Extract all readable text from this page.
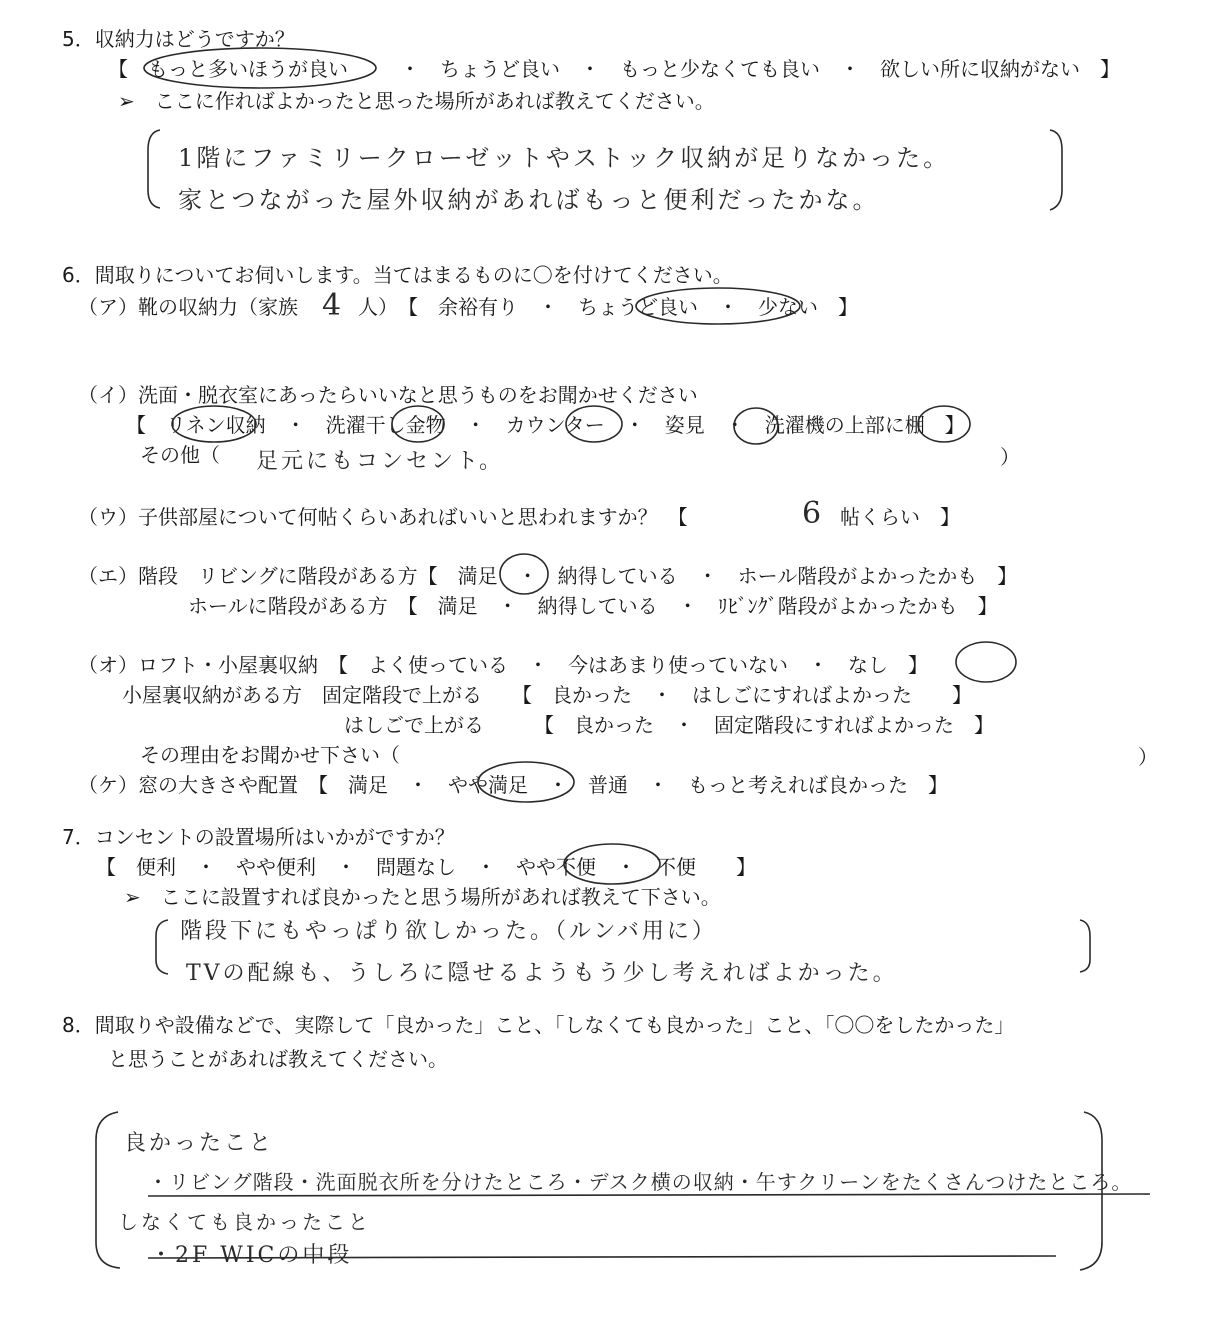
5．収納力はどうですか？
【　もっと多いほうが良い	・　ちょうど良い　・　もっと少なくても良い　・　欲しい所に収納がない　】
➢　ここに作ればよかったと思った場所があれば教えてください。
1階にファミリークローゼットやストック収納が足りなかった。
家とつながった屋外収納があればもっと便利だったかな。
6．間取りについてお伺いします。当てはまるものに〇を付けてください。
（ア）靴の収納力（家族 4 人）　【　余裕有り　・　ちょうど良い　・　少ない　】
（イ）洗面・脱衣室にあったらいいなと思うものをお聞かせください
【　リネン収納　・　洗濯干し金物　・　カウンター　・　姿見　・　洗濯機の上部に棚　】
その他（ 足元にもコンセント。	）
（ウ）子供部屋について何帖くらいあればいいと思われますか？　【	6 帖くらい　】
（エ）階段　リビングに階段がある方【　満足　・　納得している　・　ホール階段がよかったかも　】
ホールに階段がある方　【　満足　・　納得している　・　ﾘﾋﾞﾝｸﾞ階段がよかったかも　】
（オ）ロフト・小屋裏収納　【　よく使っている　・　今はあまり使っていない　・　なし　】
小屋裏収納がある方　固定階段で上がる　　【　良かった　・　はしごにすればよかった　　】
はしごで上がる　　　【　良かった　・　固定階段にすればよかった　】
その理由をお聞かせ下さい（	）
（ケ）窓の大きさや配置　【　満足　・　やや満足　・　普通　・　もっと考えれば良かった　】
7．コンセントの設置場所はいかがですか？
【　便利　・　やや便利　・　問題なし　・　やや不便　・　不便　　】
➢　ここに設置すれば良かったと思う場所があれば教えて下さい。
階段下にもやっぱり欲しかった。（ルンバ用に）
TVの配線も、うしろに隠せるようもう少し考えればよかった。
8．間取りや設備などで、実際して「良かった」こと、「しなくても良かった」こと、「〇〇をしたかった」
と思うことがあれば教えてください。
良かったこと
・リビング階段・洗面脱衣所を分けたところ・デスク横の収納・午すクリーンをたくさんつけたところ。
しなくても良かったこと
・2F WICの中段
